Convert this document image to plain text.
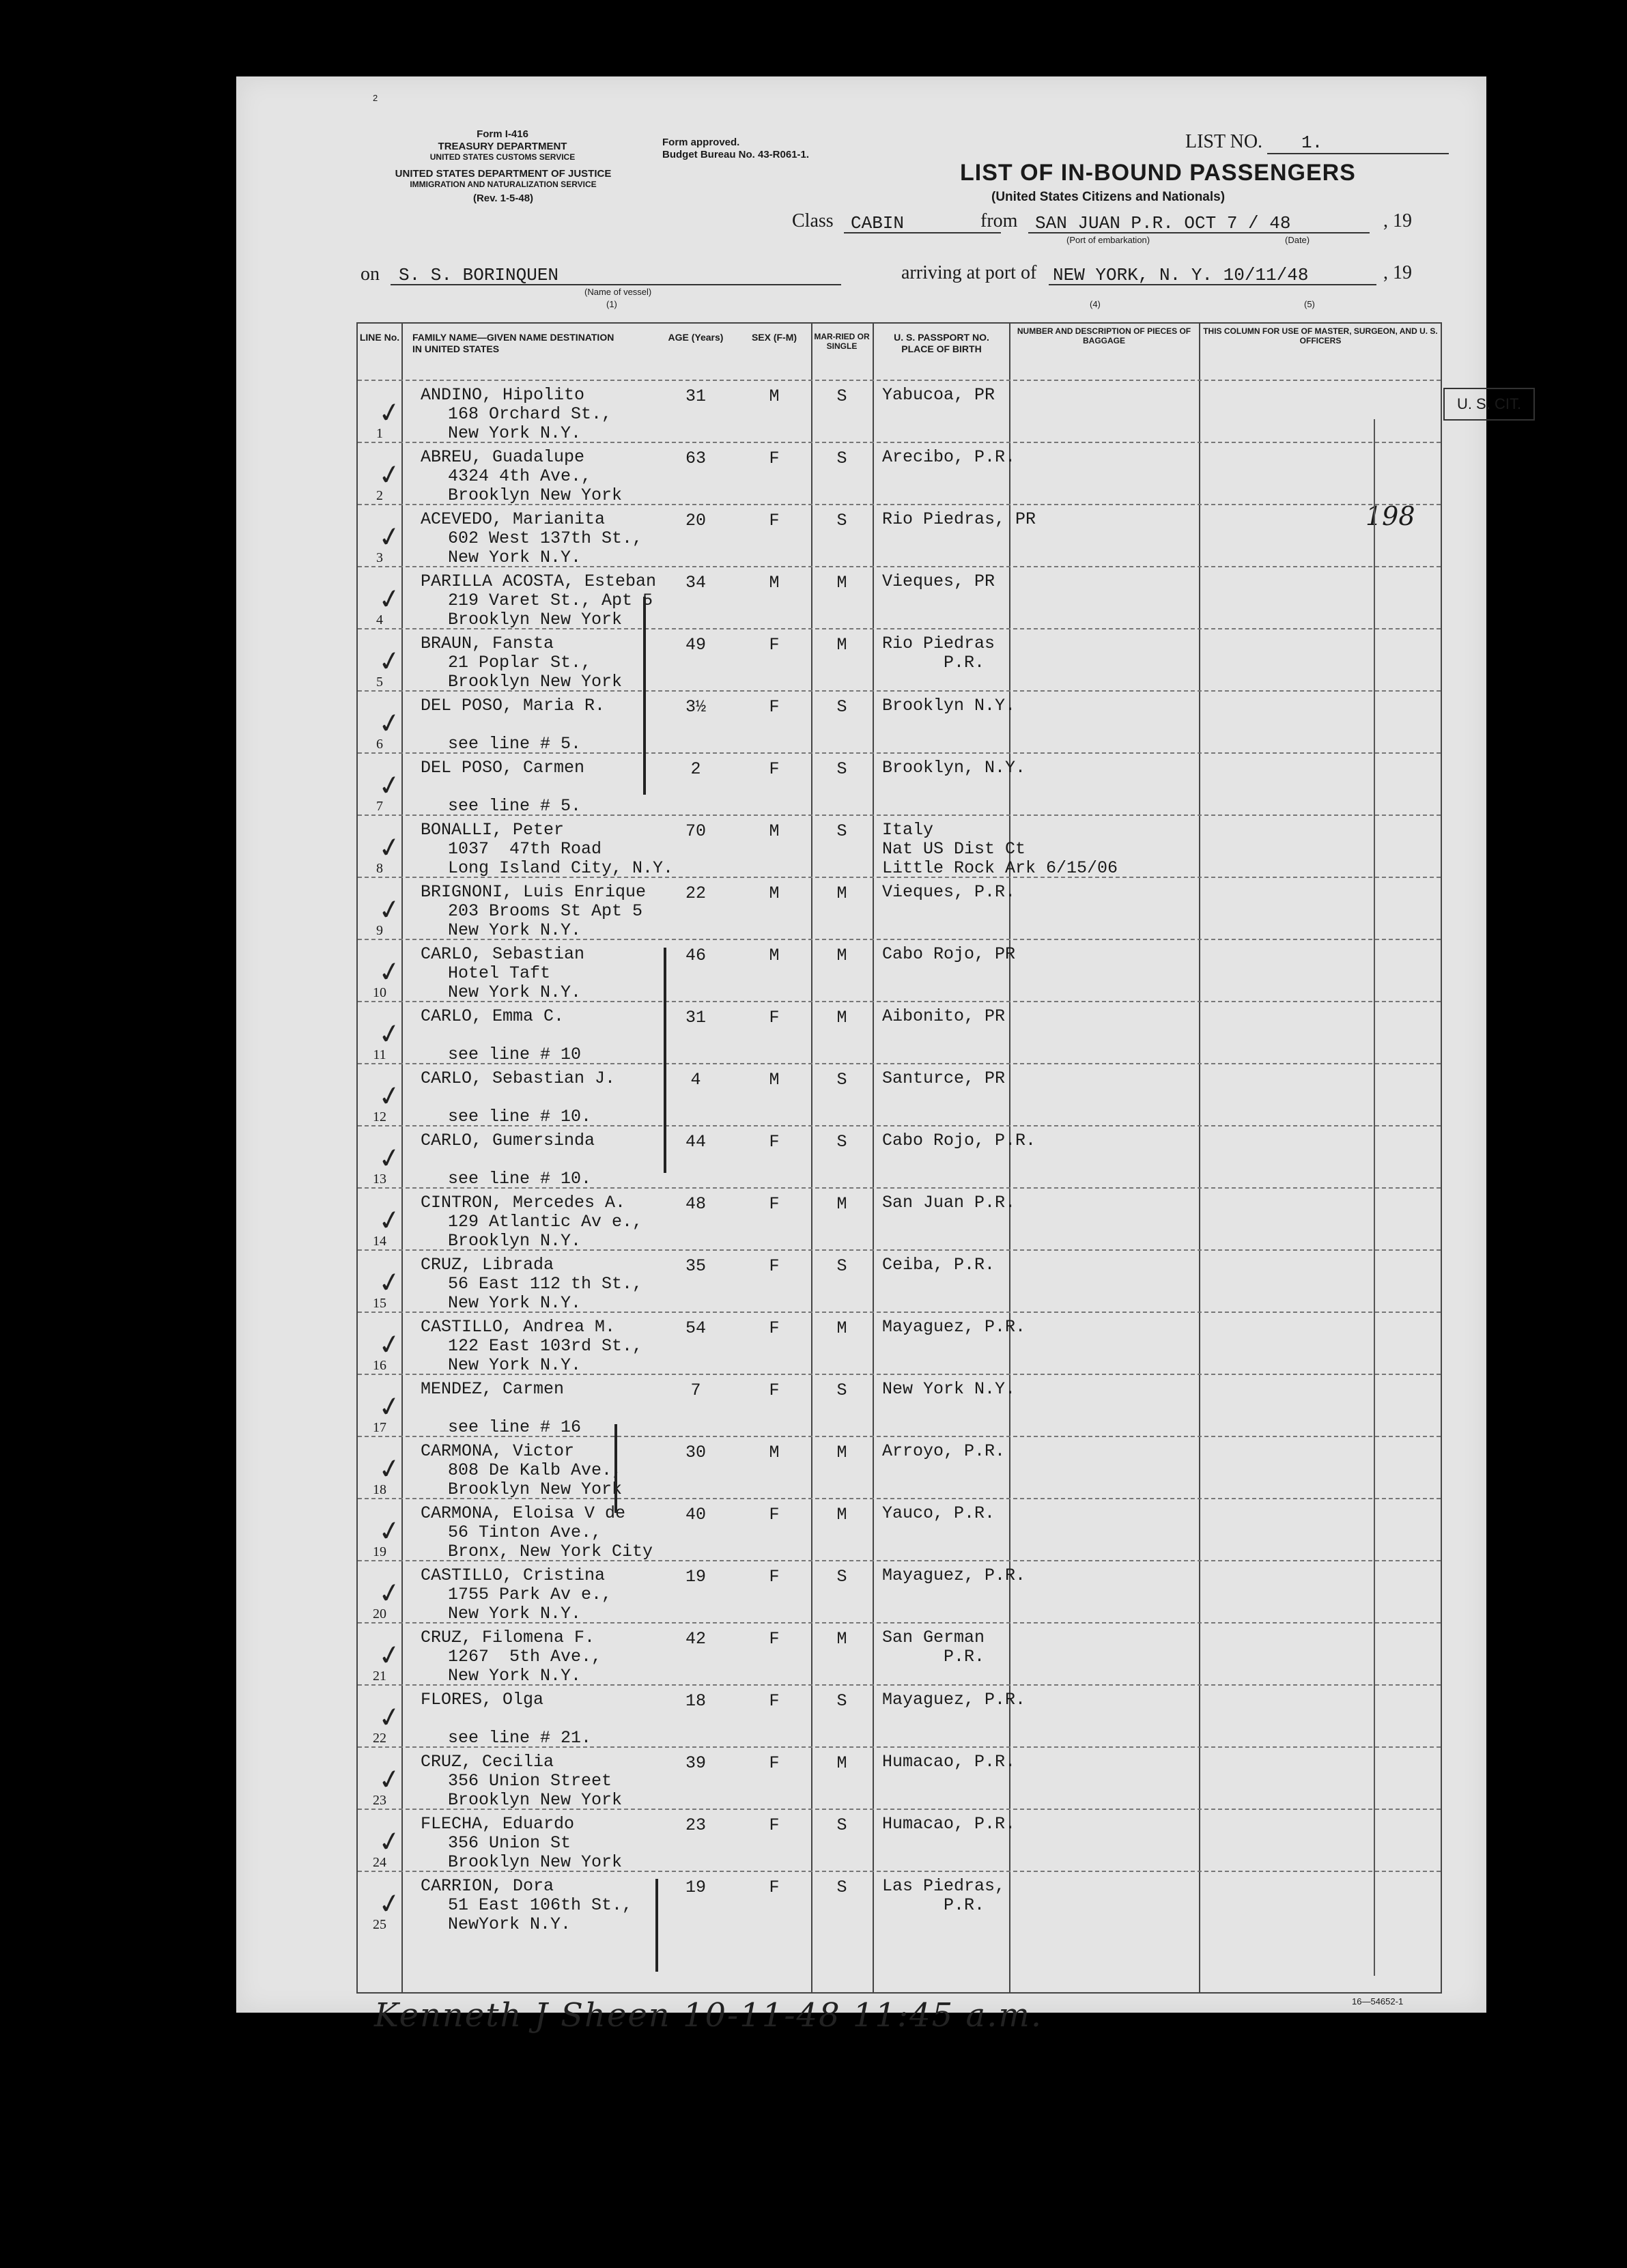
2
Form I-416
TREASURY DEPARTMENT
UNITED STATES CUSTOMS SERVICE
UNITED STATES DEPARTMENT OF JUSTICE
IMMIGRATION AND NATURALIZATION SERVICE
(Rev. 1-5-48)
Form approved.
Budget Bureau No. 43-R061-1.
LIST NO. 1.
LIST OF IN-BOUND PASSENGERS
(United States Citizens and Nationals)
Class CABIN	from SAN JUAN P.R. OCT 7 / 48	, 19
(Port of embarkation)	(Date)
on S. S. BORINQUEN
(Name of vessel)
(1)
arriving at port of NEW YORK, N. Y. 10/11/48	, 19
(4)	(5)
LINE No. FAMILY NAME—GIVEN NAME DESTINATION IN UNITED STATES
AGE (Years)	SEX (F-M)	MAR-RIED OR SINGLE
U. S. PASSPORT NO. PLACE OF BIRTH
NUMBER AND DESCRIPTION OF PIECES OF BAGGAGE
THIS COLUMN FOR USE OF MASTER, SURGEON, AND U. S. OFFICERS
U. S. CIT.
198
1
ANDINO, Hipolito
168 Orchard St.,
New York N.Y.
31	M	S	Yabucoa, PR
✓
2
ABREU, Guadalupe
4324 4th Ave.,
Brooklyn New York
63	F	S	Arecibo, P.R.
✓
3
ACEVEDO, Marianita
602 West 137th St.,
New York N.Y.
20	F	S	Rio Piedras, PR
✓
4
PARILLA ACOSTA, Esteban
219 Varet St., Apt 5
Brooklyn New York
34	M	M	Vieques, PR
✓
5
BRAUN, Fansta
21 Poplar St.,
Brooklyn New York
49	F	M	Rio Piedras
P.R.
✓
6
DEL POSO, Maria R.
see line # 5.
3½	F	S	Brooklyn N.Y.
✓
7
DEL POSO, Carmen
see line # 5.
2	F	S	Brooklyn, N.Y.
✓
8
BONALLI, Peter
1037  47th Road
Long Island City, N.Y.
70	M	S	Italy
Nat US Dist Ct
Little Rock Ark 6/15/06
✓
9
BRIGNONI, Luis Enrique
203 Brooms St Apt 5
New York N.Y.
22	M	M	Vieques, P.R.
✓
10
CARLO, Sebastian
Hotel Taft
New York N.Y.
46	M	M	Cabo Rojo, PR
✓
11
CARLO, Emma C.
see line # 10
31	F	M	Aibonito, PR
✓
12
CARLO, Sebastian J.
see line # 10.
4	M	S	Santurce, PR
✓
13
CARLO, Gumersinda
see line # 10.
44	F	S	Cabo Rojo, P.R.
✓
14
CINTRON, Mercedes A.
129 Atlantic Av e.,
Brooklyn N.Y.
48	F	M	San Juan P.R.
✓
15
CRUZ, Librada
56 East 112 th St.,
New York N.Y.
35	F	S	Ceiba, P.R.
✓
16
CASTILLO, Andrea M.
122 East 103rd St.,
New York N.Y.
54	F	M	Mayaguez, P.R.
✓
17
MENDEZ, Carmen
see line # 16
7	F	S	New York N.Y.
✓
18
CARMONA, Victor
808 De Kalb Ave.,
Brooklyn New York
30	M	M	Arroyo, P.R.
✓
19
CARMONA, Eloisa V de
56 Tinton Ave.,
Bronx, New York City
40	F	M	Yauco, P.R.
✓
20
CASTILLO, Cristina
1755 Park Av e.,
New York N.Y.
19	F	S	Mayaguez, P.R.
✓
21
CRUZ, Filomena F.
1267  5th Ave.,
New York N.Y.
42	F	M	San German
P.R.
✓
22
FLORES, Olga
see line # 21.
18	F	S	Mayaguez, P.R.
✓
23
CRUZ, Cecilia
356 Union Street
Brooklyn New York
39	F	M	Humacao, P.R.
✓
24
FLECHA, Eduardo
356 Union St
Brooklyn New York
23	F	S	Humacao, P.R.
✓
25
CARRION, Dora
51 East 106th St.,
NewYork N.Y.
19	F	S	Las Piedras,
P.R.
✓
Kenneth J Sheen 10-11-48 11:45 a.m.	16—54652-1
